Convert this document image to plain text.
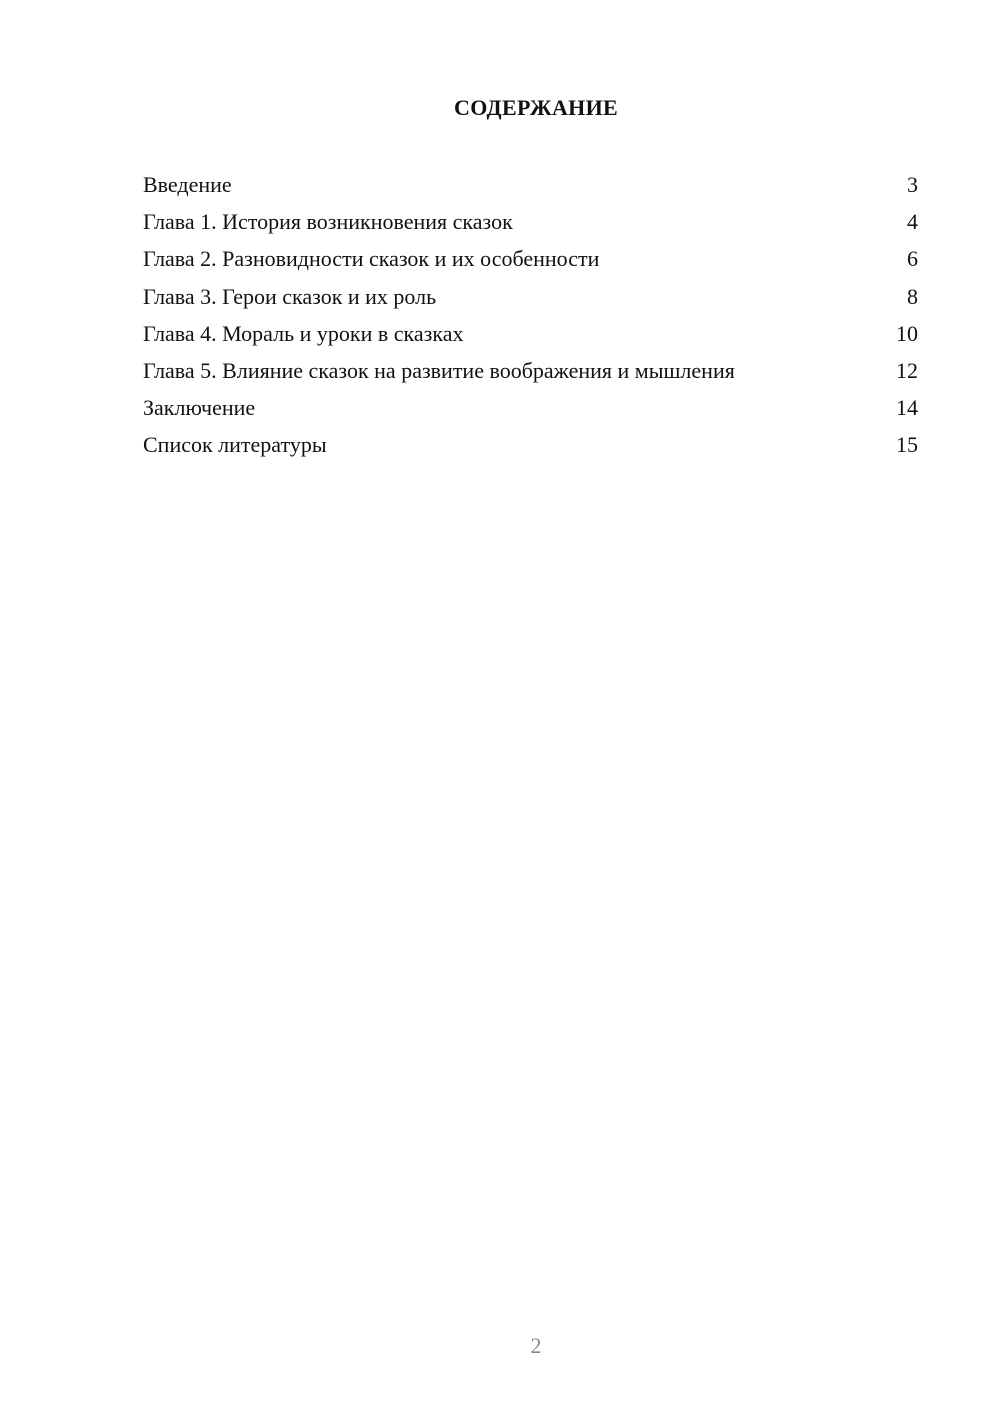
СОДЕРЖАНИЕ
Введение	3
Глава 1. История возникновения сказок	4
Глава 2. Разновидности сказок и их особенности	6
Глава 3. Герои сказок и их роль	8
Глава 4. Мораль и уроки в сказках	10
Глава 5. Влияние сказок на развитие воображения и мышления	12
Заключение	14
Список литературы	15
2
